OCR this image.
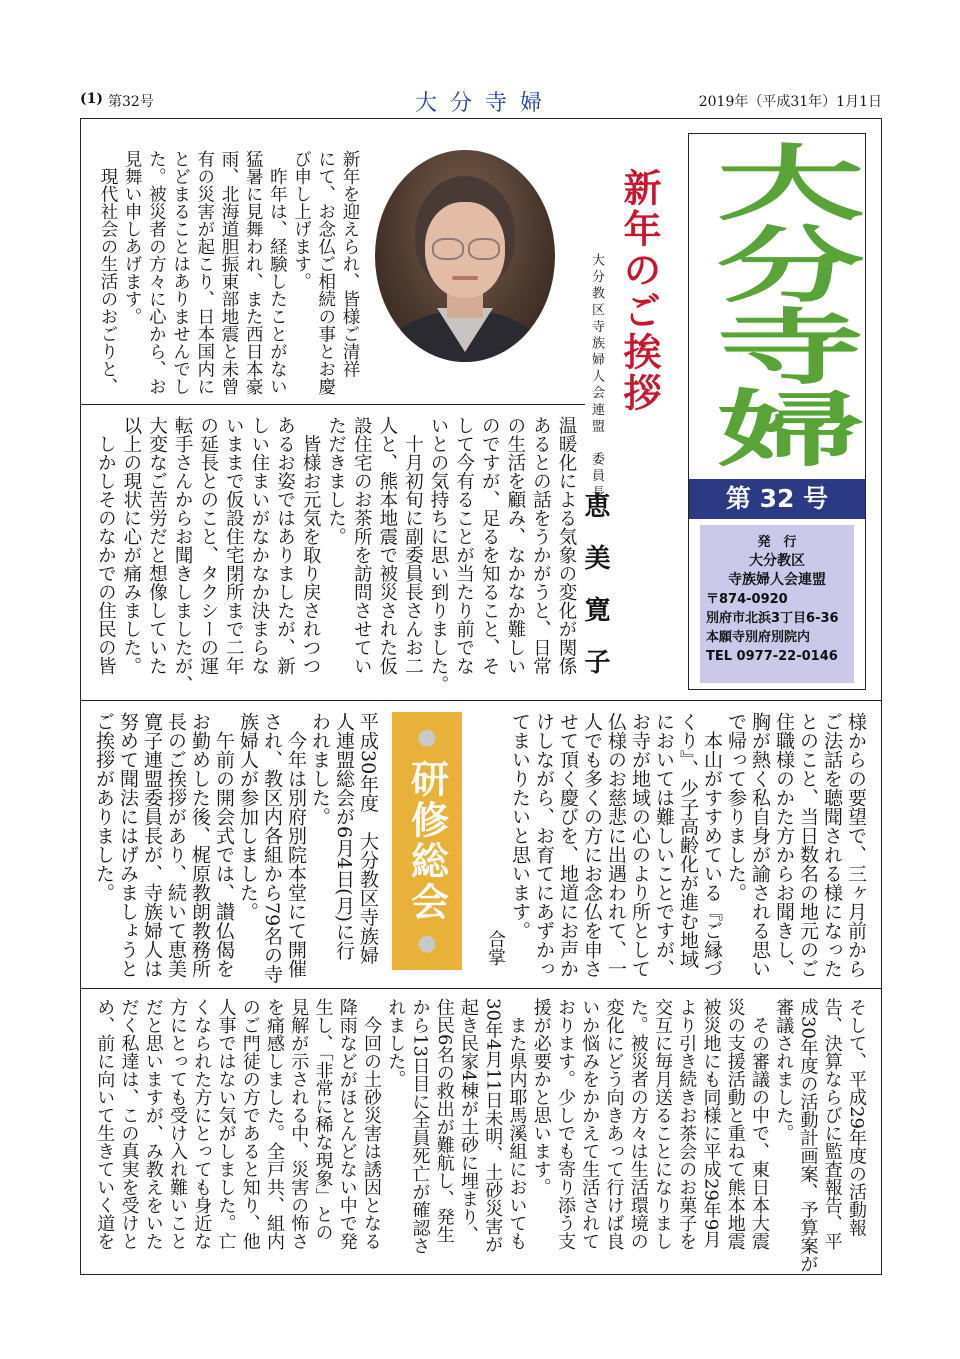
(1) 第32号	大 分 寺 婦	2019年（平成31年）1月1日
大分寺婦
第 32 号
発　行
大分教区
寺族婦人会連盟
〒874-0920
別府市北浜3丁目6-36
本願寺別府別院内
TEL 0977-22-0146
新年のご挨拶
大分教区寺族婦人会連盟　委員長
恵　美　寛　子
新年を迎えられ、皆様ご清祥
にて、お念仏ご相続の事とお慶
び申し上げます。
　昨年は、経験したことがない
猛暑に見舞われ、また西日本豪
雨、北海道胆振東部地震と未曾
有の災害が起こり、日本国内に
とどまることはありませんでし
た。被災者の方々に心から、お
見舞い申しあげます。
　現代社会の生活のおごりと、
温暖化による気象の変化が関係
あるとの話をうかがうと、日常
の生活を顧み、なかなか難しい
のですが、足るを知ること、そ
して今有ることが当たり前でな
いとの気持ちに思い到りました。
　十月初旬に副委員長さんお二
人と、熊本地震で被災された仮
設住宅のお茶所を訪問させてい
ただきました。
　皆様お元気を取り戻されつつ
あるお姿ではありましたが、新
しい住まいがなかなか決まらな
いままで仮設住宅閉所まで二年
の延長とのこと、タクシーの運
転手さんからお聞きしましたが、
大変なご苦労だと想像していた
以上の現状に心が痛みました。
　しかしそのなかでの住民の皆
様からの要望で、三ヶ月前から
ご法話を聴聞される様になった
とのこと、当日数名の地元のご
住職様のかた方からお聞きし、
胸が熱く私自身が諭される思い
で帰って参りました。
　本山がすすめている『ご縁づ
くり』、少子高齢化が進む地域
においては難しいことですが、
お寺が地域の心のより所として
仏様のお慈悲に出遇われて、一
人でも多くの方にお念仏を申さ
せて頂く慶びを、地道にお声か
けしながら、お育てにあずかっ
てまいりたいと思います。
合掌
●
研修総会
●
平成30年度　大分教区寺族婦
人連盟総会が6月4日(月)に行
われました。
　今年は別府別院本堂にて開催
され、教区内各組から79名の寺
族婦人が参加しました。
　午前の開会式では、讃仏偈を
お勤めした後、梶原教朗教務所
長のご挨拶があり、続いて恵美
寛子連盟委員長が、寺族婦人は
努めて聞法にはげみましょうと
ご挨拶がありました。
そして、平成29年度の活動報
告、決算ならびに監査報告、平
成30年度の活動計画案、予算案が
審議されました。
　その審議の中で、東日本大震
災の支援活動と重ねて熊本地震
被災地にも同様に平成29年9月
より引き続きお茶会のお菓子を
交互に毎月送ることになりまし
た。被災者の方々は生活環境の
変化にどう向きあって行けば良
いか悩みをかかえて生活されて
おります。少しでも寄り添う支
援が必要かと思います。
　また県内耶馬溪組においても
30年4月11日未明、土砂災害が
起き民家4棟が土砂に埋まり、
住民6名の救出が難航し、発生
から13日目に全員死亡が確認さ
れました。
　今回の土砂災害は誘因となる
降雨などがほとんどない中で発
生し、「非常に稀な現象」との
見解が示される中、災害の怖さ
を痛感しました。全戸共、組内
のご門徒の方であると知り、他
人事ではない気がしました。亡
くなられた方にとっても身近な
方にとっても受け入れ難いこと
だと思いますが、み教えをいた
だく私達は、この真実を受けと
め、前に向いて生きていく道を
